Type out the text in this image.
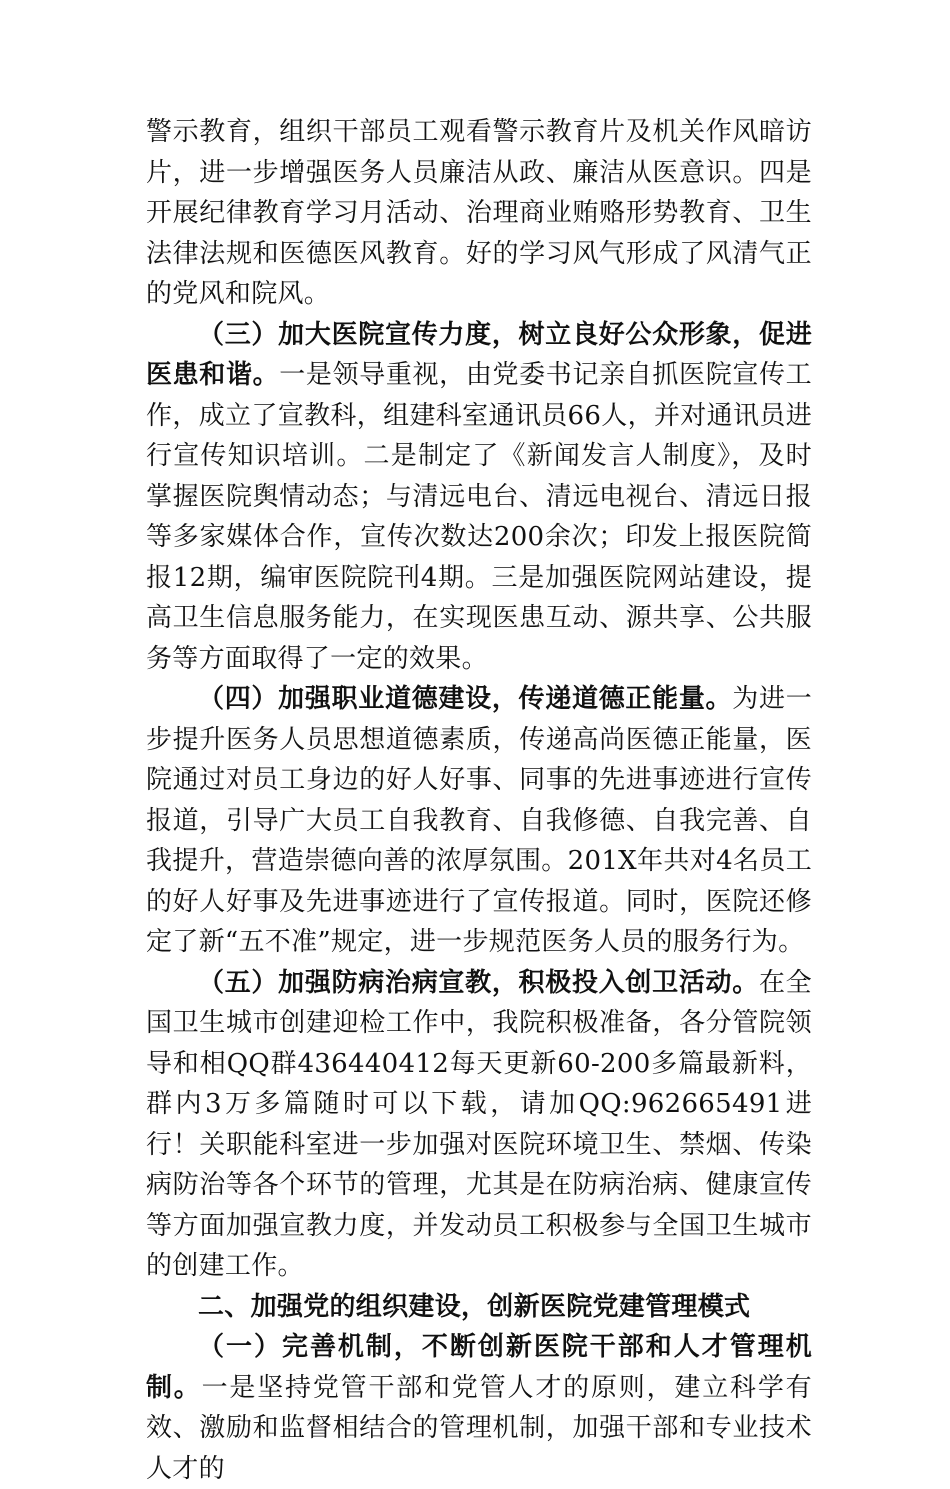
警示教育，组织干部员工观看警示教育片及机关作风暗访片，进一步增强医务人员廉洁从政、廉洁从医意识。四是开展纪律教育学习月活动、治理商业贿赂形势教育、卫生法律法规和医德医风教育。好的学习风气形成了风清气正的党风和院风。

（三）加大医院宣传力度，树立良好公众形象，促进医患和谐。一是领导重视，由党委书记亲自抓医院宣传工作，成立了宣教科，组建科室通讯员66人，并对通讯员进行宣传知识培训。二是制定了《新闻发言人制度》，及时掌握医院舆情动态；与清远电台、清远电视台、清远日报等多家媒体合作，宣传次数达200余次；印发上报医院简报12期，编审医院院刊4期。三是加强医院网站建设，提高卫生信息服务能力，在实现医患互动、源共享、公共服务等方面取得了一定的效果。

（四）加强职业道德建设，传递道德正能量。为进一步提升医务人员思想道德素质，传递高尚医德正能量，医院通过对员工身边的好人好事、同事的先进事迹进行宣传报道，引导广大员工自我教育、自我修德、自我完善、自我提升，营造崇德向善的浓厚氛围。201X年共对4名员工的好人好事及先进事迹进行了宣传报道。同时，医院还修定了新“五不准”规定，进一步规范医务人员的服务行为。

（五）加强防病治病宣教，积极投入创卫活动。在全国卫生城市创建迎检工作中，我院积极准备，各分管院领导和相QQ群436440412每天更新60-200多篇最新料，群内3万多篇随时可以下载，请加QQ:962665491进行！关职能科室进一步加强对医院环境卫生、禁烟、传染病防治等各个环节的管理，尤其是在防病治病、健康宣传等方面加强宣教力度，并发动员工积极参与全国卫生城市的创建工作。

二、加强党的组织建设，创新医院党建管理模式

（一）完善机制，不断创新医院干部和人才管理机制。一是坚持党管干部和党管人才的原则，建立科学有效、激励和监督相结合的管理机制，加强干部和专业技术人才的
